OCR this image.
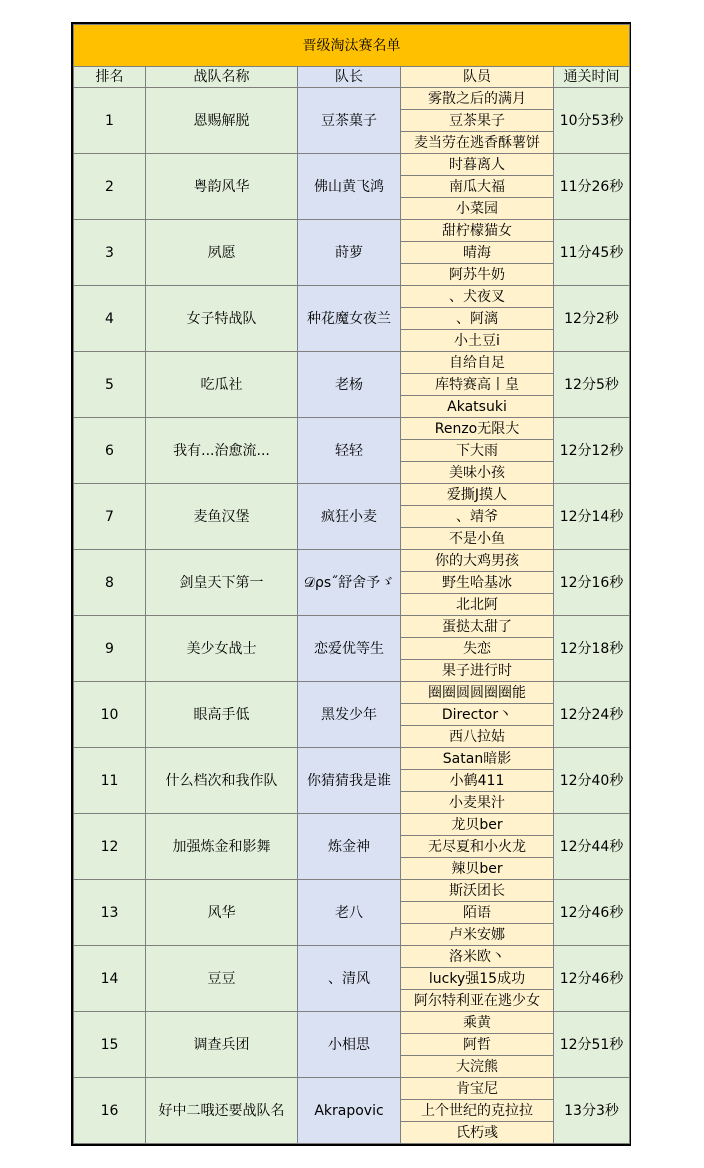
晋级淘汰赛名单				
排名	战队名称	队长	队员	通关时间
1	恩赐解脱	豆茶菓子	雾散之后的满月	10分53秒
			豆茶果子	
			麦当劳在逃香酥薯饼	
2	粤韵风华	佛山黄飞鸿	时暮离人	11分26秒
			南瓜大福	
			小菜园	
3	夙愿	莳萝	甜柠檬猫女	11分45秒
			晴海	
			阿苏牛奶	
4	女子特战队	种花魔女夜兰	、犬夜叉	12分2秒
			、阿漓	
			小土豆i	
5	吃瓜社	老杨	自给自足	12分5秒
			库特赛高丨皇	
			Akatsuki	
6	我有...治愈流...	轻轻	Renzo无限大	12分12秒
			下大雨	
			美味小孩	
7	麦鱼汉堡	疯狂小麦	爱撕J摸人	12分14秒
			、靖爷	
			不是小鱼	
8	剑皇天下第一	𝒟ρs˝舒舍予ゞ	你的大鸡男孩	12分16秒
			野生哈基冰	
			北北阿	
9	美少女战士	恋爱优等生	蛋挞太甜了	12分18秒
			失恋	
			果子进行时	
10	眼高手低	黑发少年	圈圈圆圆圈圈能	12分24秒
			Director丶	
			西八拉姑	
11	什么档次和我作队	你猜猜我是谁	Satan暗影	12分40秒
			小鹤411	
			小麦果汁	
12	加强炼金和影舞	炼金神	龙贝ber	12分44秒
			无尽夏和小火龙	
			辣贝ber	
13	风华	老八	斯沃团长	12分46秒
			陌语	
			卢米安娜	
14	豆豆	、清风	洛米欧丶	12分46秒
			lucky强15成功	
			阿尔特利亚在逃少女	
15	调查兵团	小相思	乘黄	12分51秒
			阿哲	
			大浣熊	
16	好中二哦还要战队名	Akrapovic	肯宝尼	13分3秒
			上个世纪的克拉拉	
			氏朽彧	
